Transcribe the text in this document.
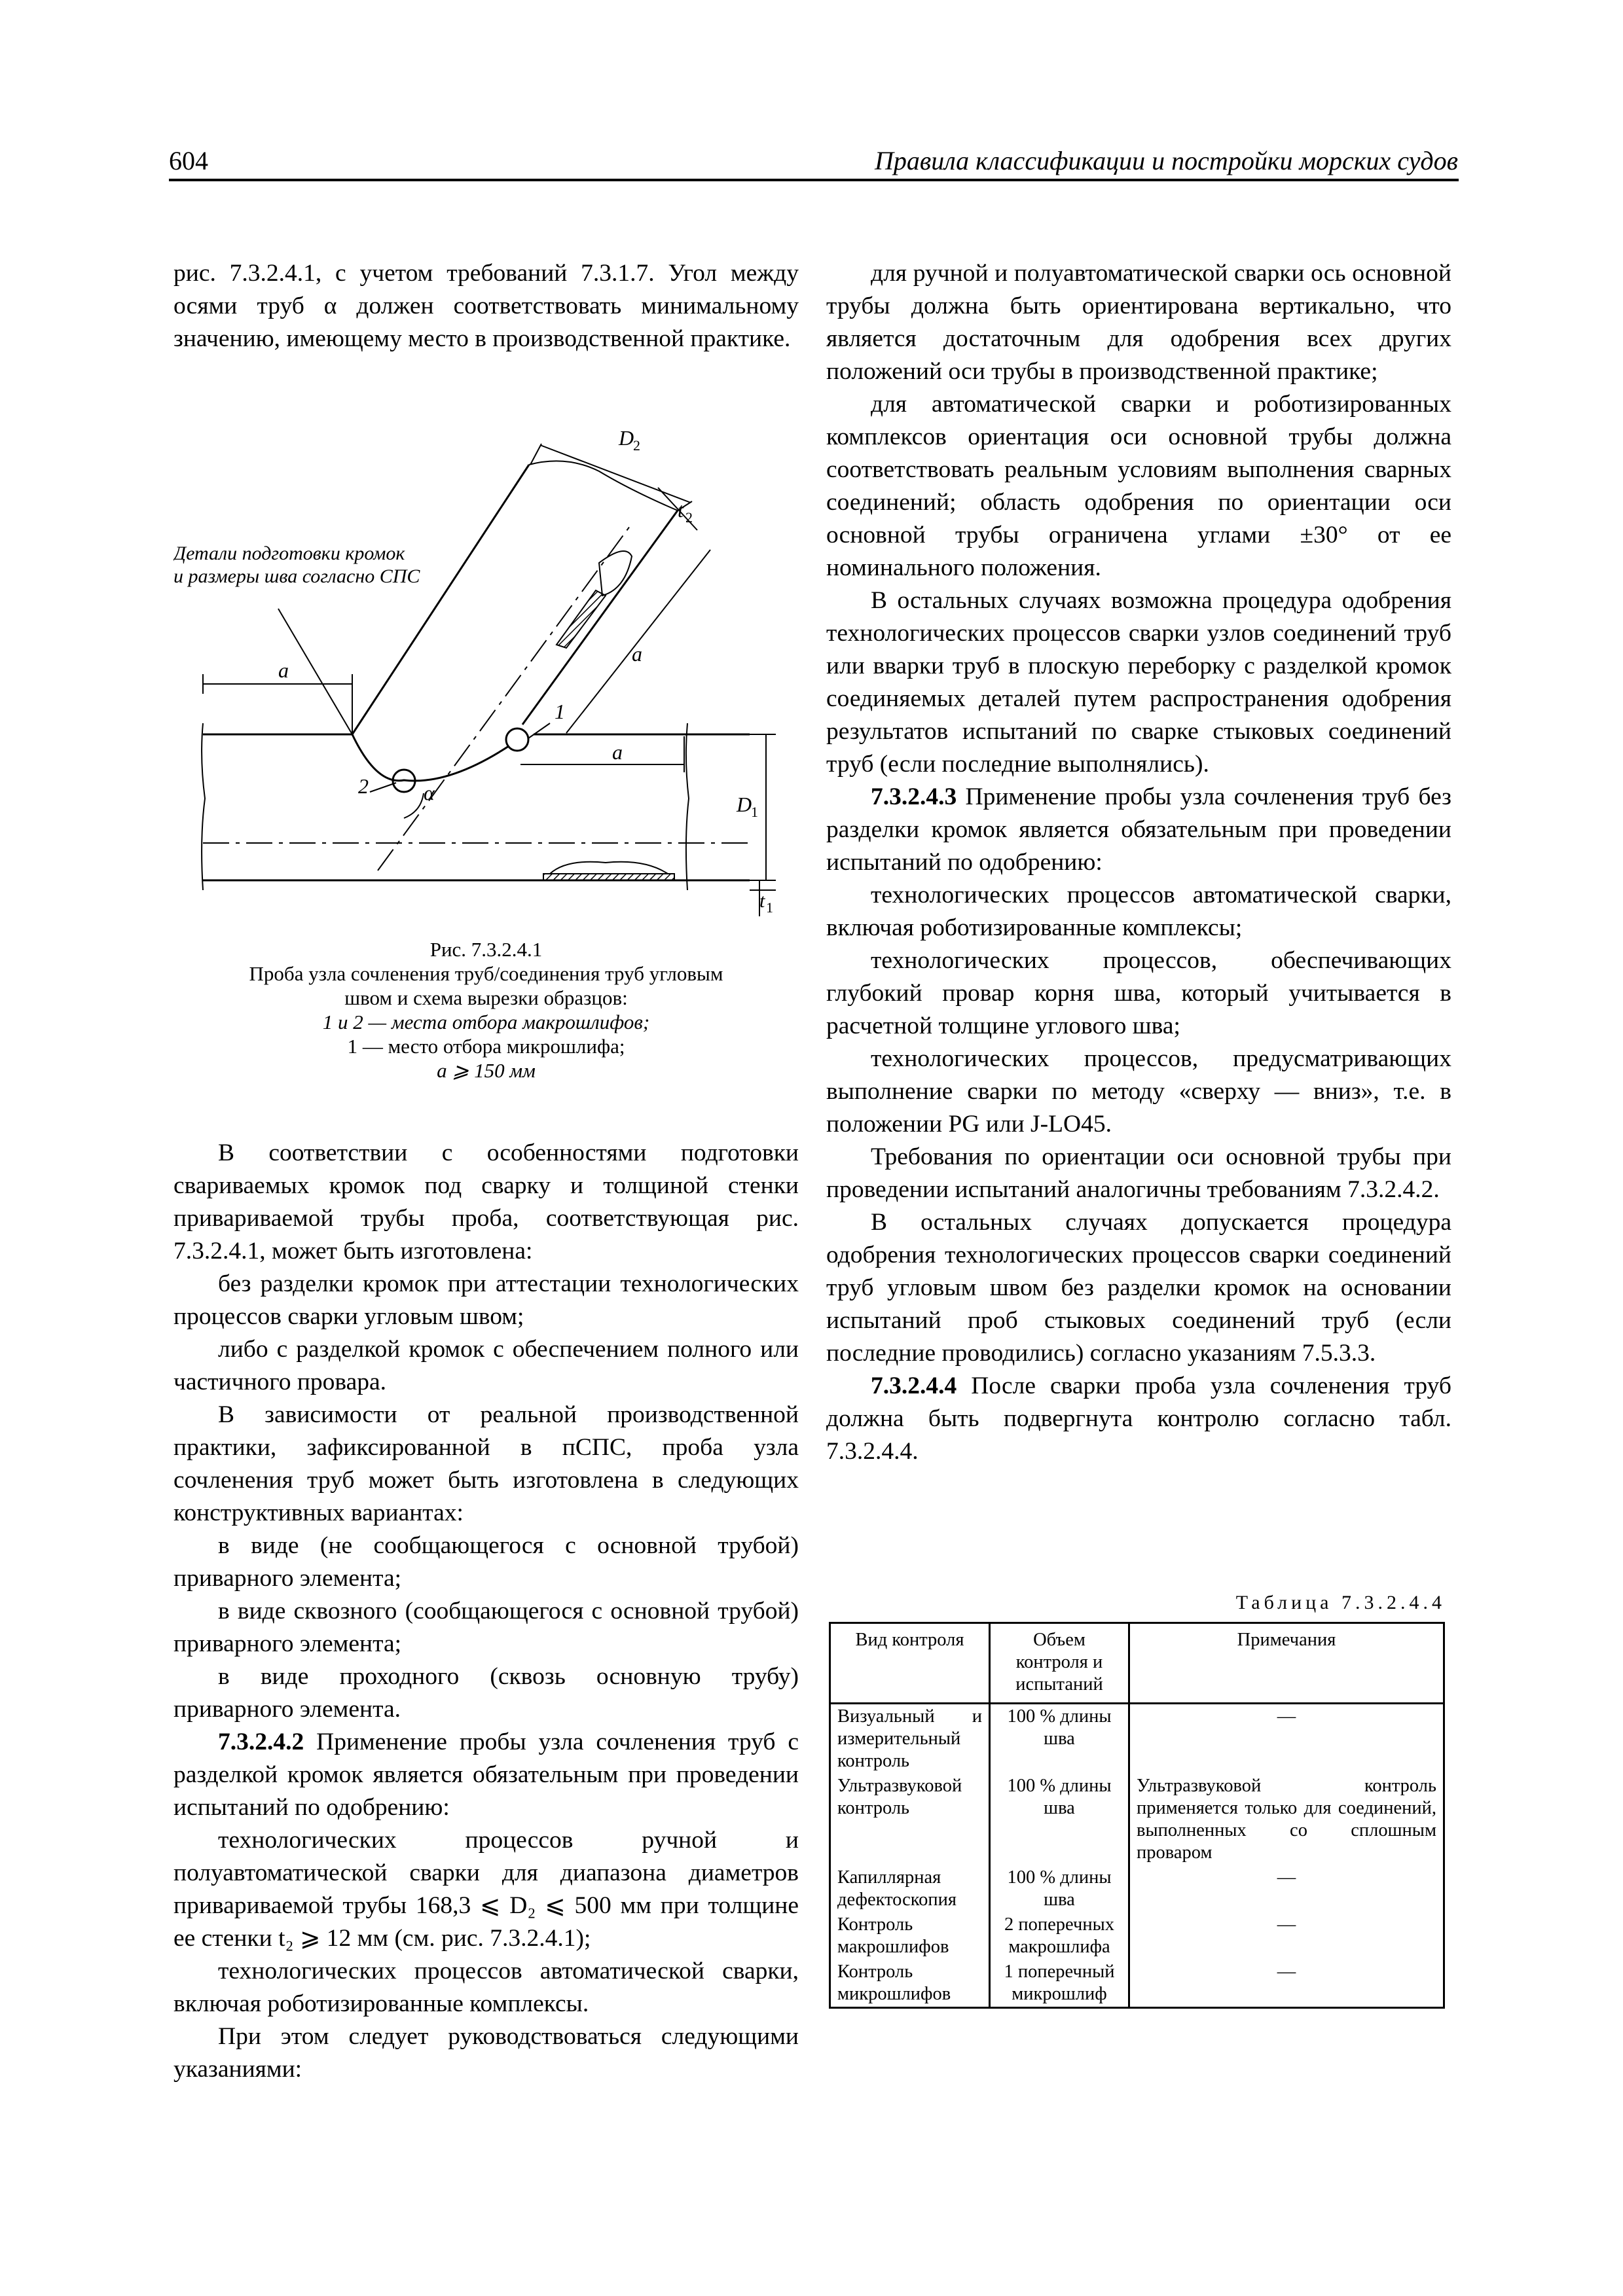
604	Правила классификации и постройки морских судов

рис. 7.3.2.4.1, с учетом требований 7.3.1.7. Угол между осями труб α должен соответствовать минимальному значению, имеющему место в производственной практике.

Детали подготовки кромок
и размеры шва согласно СПС
a
a
a
D
2
t 2
D
1
t 1
1
2	α

Рис. 7.3.2.4.1

Проба узла сочленения труб/соединения труб угловым

швом и схема вырезки образцов:

1 и 2 — места отбора макрошлифов;

1 — место отбора микрошлифа;

a ⩾ 150 мм

В соответствии с особенностями подготовки свариваемых кромок под сварку и толщиной стенки привариваемой трубы проба, соответствующая рис. 7.3.2.4.1, может быть изготовлена:

без разделки кромок при аттестации технологических процессов сварки угловым швом;

либо с разделкой кромок с обеспечением полного или частичного провара.

В зависимости от реальной производственной практики, зафиксированной в пСПС, проба узла сочленения труб может быть изготовлена в следующих конструктивных вариантах:

в виде (не сообщающегося с основной трубой) приварного элемента;

в виде сквозного (сообщающегося с основной трубой) приварного элемента;

в виде проходного (сквозь основную трубу) приварного элемента.

7.3.2.4.2 Применение пробы узла сочленения труб с разделкой кромок является обязательным при проведении испытаний по одобрению:

технологических процессов ручной и полуавтоматической сварки для диапазона диаметров привариваемой трубы 168,3 ⩽ D₂ ⩽ 500 мм при толщине ее стенки t₂ ⩾ 12 мм (см. рис. 7.3.2.4.1);

технологических процессов автоматической сварки, включая роботизированные комплексы.

При этом следует руководствоваться следующими указаниями:

для ручной и полуавтоматической сварки ось основной трубы должна быть ориентирована вертикально, что является достаточным для одобрения всех других положений оси трубы в производственной практике;

для автоматической сварки и роботизированных комплексов ориентация оси основной трубы должна соответствовать реальным условиям выполнения сварных соединений; область одобрения по ориентации оси основной трубы ограничена углами ±30° от ее номинального положения.

В остальных случаях возможна процедура одобрения технологических процессов сварки узлов соединений труб или вварки труб в плоскую переборку с разделкой кромок соединяемых деталей путем распространения одобрения результатов испытаний по сварке стыковых соединений труб (если последние выполнялись).

7.3.2.4.3 Применение пробы узла сочленения труб без разделки кромок является обязательным при проведении испытаний по одобрению:

технологических процессов автоматической сварки, включая роботизированные комплексы;

технологических процессов, обеспечивающих глубокий провар корня шва, который учитывается в расчетной толщине углового шва;

технологических процессов, предусматривающих выполнение сварки по методу «сверху — вниз», т.е. в положении PG или J-LO45.

Требования по ориентации оси основной трубы при проведении испытаний аналогичны требованиям 7.3.2.4.2.

В остальных случаях допускается процедура одобрения технологических процессов сварки соединений труб угловым швом без разделки кромок на основании испытаний проб стыковых соединений труб (если последние проводились) согласно указаниям 7.5.3.3.

7.3.2.4.4 После сварки проба узла сочленения труб должна быть подвергнута контролю согласно табл. 7.3.2.4.4.

Таблица 7.3.2.4.4
Вид контроля	Объем контроля и испытаний	Примечания
Визуальный и измерительный контроль	100 % длины шва	—
Ультразвуковой контроль	100 % длины шва	Ультразвуковой контроль применяется только для соединений, выполненных со сплошным проваром
Капиллярная дефектоскопия	100 % длины шва	—
Контроль макрошлифов	2 поперечных макрошлифа	—
Контроль микрошлифов	1 поперечный микрошлиф	—
